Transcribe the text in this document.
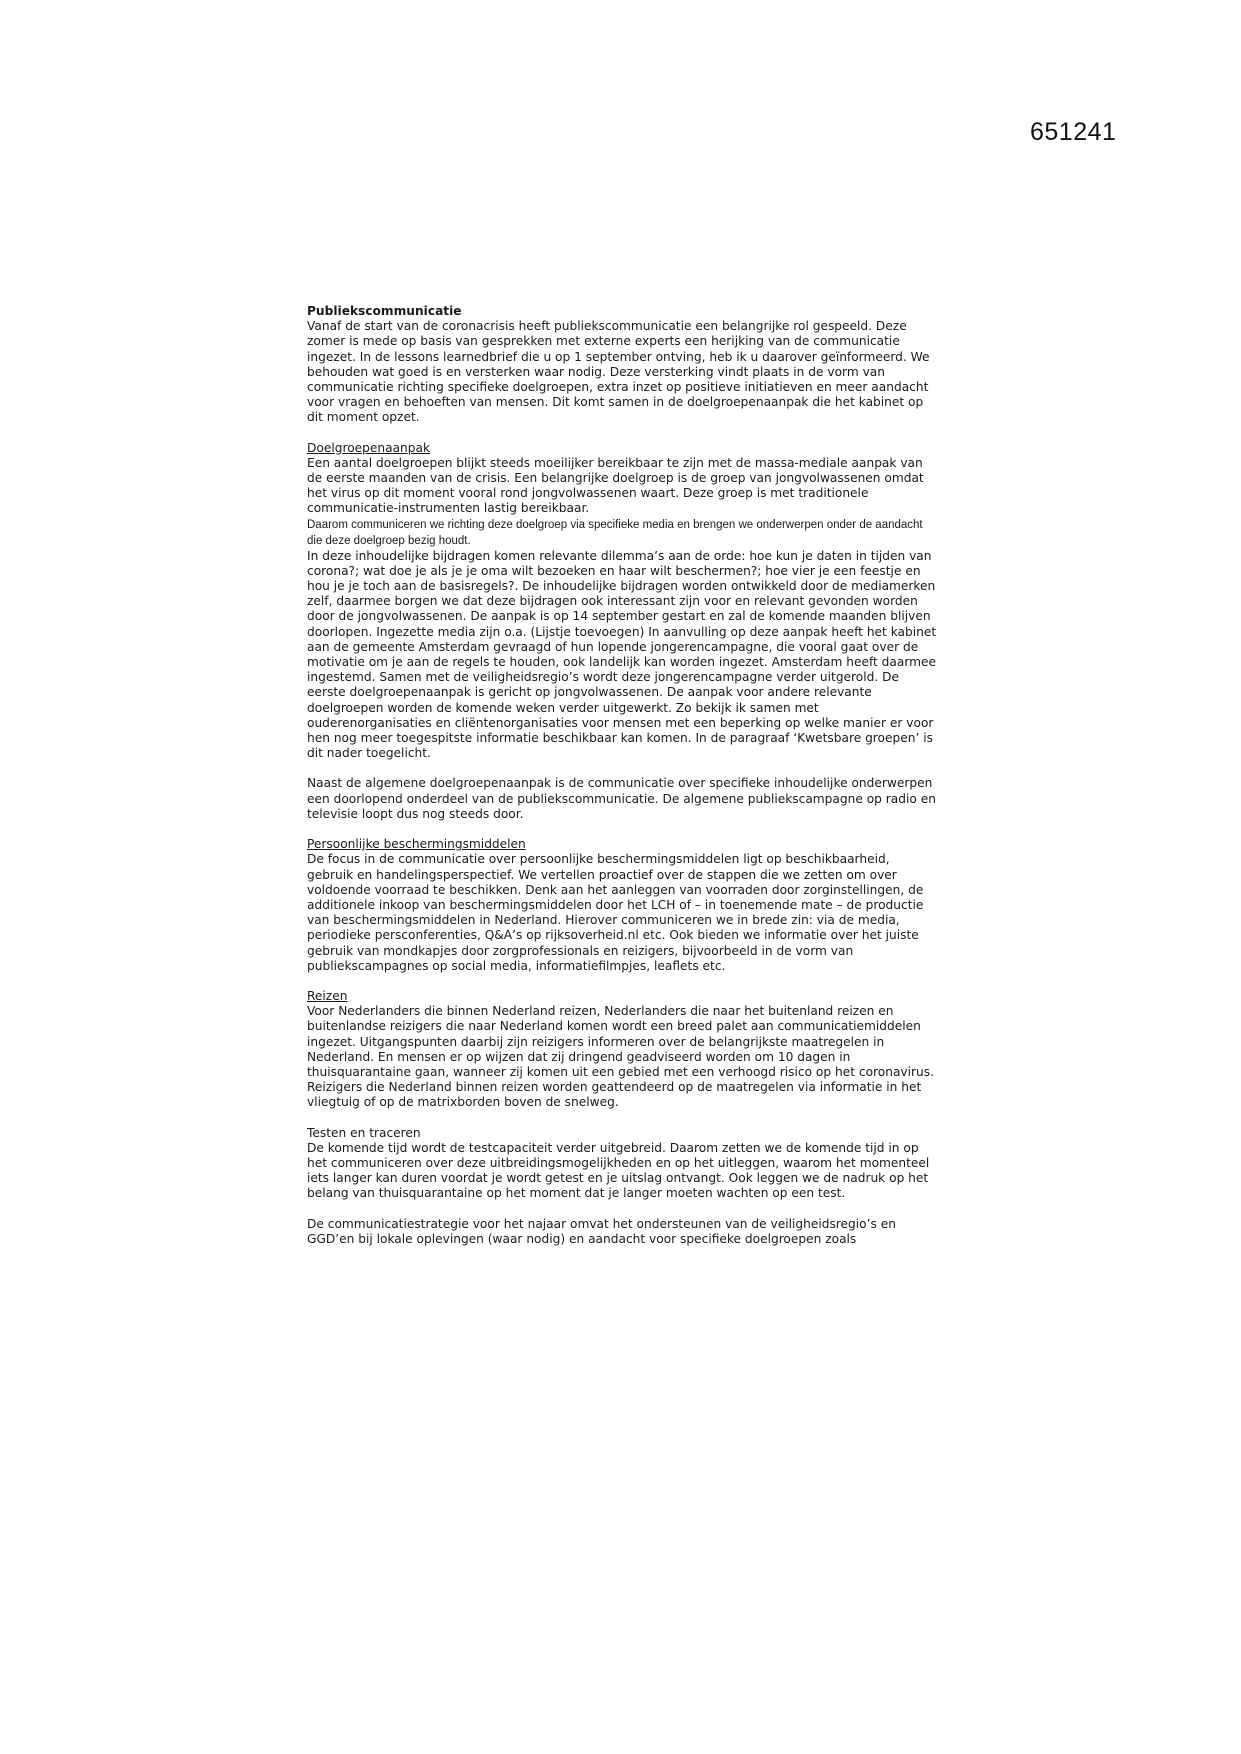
651241

Publiekscommunicatie

Vanaf de start van de coronacrisis heeft publiekscommunicatie een belangrijke rol gespeeld. Deze zomer is mede op basis van gesprekken met externe experts een herijking van de communicatie ingezet. In de lessons learnedbrief die u op 1 september ontving, heb ik u daarover geïnformeerd. We behouden wat goed is en versterken waar nodig. Deze versterking vindt plaats in de vorm van communicatie richting specifieke doelgroepen, extra inzet op positieve initiatieven en meer aandacht voor vragen en behoeften van mensen. Dit komt samen in de doelgroepenaanpak die het kabinet op dit moment opzet.

Doelgroepenaanpak

Een aantal doelgroepen blijkt steeds moeilijker bereikbaar te zijn met de massa-mediale aanpak van de eerste maanden van de crisis. Een belangrijke doelgroep is de groep van jongvolwassenen omdat het virus op dit moment vooral rond jongvolwassenen waart. Deze groep is met traditionele communicatie-instrumenten lastig bereikbaar.

Daarom communiceren we richting deze doelgroep via specifieke media en brengen we onderwerpen onder de aandacht die deze doelgroep bezig houdt.

In deze inhoudelijke bijdragen komen relevante dilemma’s aan de orde: hoe kun je daten in tijden van corona?; wat doe je als je je oma wilt bezoeken en haar wilt beschermen?; hoe vier je een feestje en hou je je toch aan de basisregels?. De inhoudelijke bijdragen worden ontwikkeld door de mediamerken zelf, daarmee borgen we dat deze bijdragen ook interessant zijn voor en relevant gevonden worden door de jongvolwassenen. De aanpak is op 14 september gestart en zal de komende maanden blijven doorlopen. Ingezette media zijn o.a. (Lijstje toevoegen) In aanvulling op deze aanpak heeft het kabinet aan de gemeente Amsterdam gevraagd of hun lopende jongerencampagne, die vooral gaat over de motivatie om je aan de regels te houden, ook landelijk kan worden ingezet. Amsterdam heeft daarmee ingestemd. Samen met de veiligheidsregio’s wordt deze jongerencampagne verder uitgerold. De eerste doelgroepenaanpak is gericht op jongvolwassenen. De aanpak voor andere relevante doelgroepen worden de komende weken verder uitgewerkt. Zo bekijk ik samen met ouderenorganisaties en cliëntenorganisaties voor mensen met een beperking op welke manier er voor hen nog meer toegespitste informatie beschikbaar kan komen. In de paragraaf ‘Kwetsbare groepen’ is dit nader toegelicht.

Naast de algemene doelgroepenaanpak is de communicatie over specifieke inhoudelijke onderwerpen een doorlopend onderdeel van de publiekscommunicatie. De algemene publiekscampagne op radio en televisie loopt dus nog steeds door.

Persoonlijke beschermingsmiddelen

De focus in de communicatie over persoonlijke beschermingsmiddelen ligt op beschikbaarheid, gebruik en handelingsperspectief. We vertellen proactief over de stappen die we zetten om over voldoende voorraad te beschikken. Denk aan het aanleggen van voorraden door zorginstellingen, de additionele inkoop van beschermingsmiddelen door het LCH of – in toenemende mate – de productie van beschermingsmiddelen in Nederland. Hierover communiceren we in brede zin: via de media, periodieke persconferenties, Q&A’s op rijksoverheid.nl etc. Ook bieden we informatie over het juiste gebruik van mondkapjes door zorgprofessionals en reizigers, bijvoorbeeld in de vorm van publiekscampagnes op social media, informatiefilmpjes, leaflets etc.

Reizen

Voor Nederlanders die binnen Nederland reizen, Nederlanders die naar het buitenland reizen en buitenlandse reizigers die naar Nederland komen wordt een breed palet aan communicatiemiddelen ingezet. Uitgangspunten daarbij zijn reizigers informeren over de belangrijkste maatregelen in Nederland. En mensen er op wijzen dat zij dringend geadviseerd worden om 10 dagen in thuisquarantaine gaan, wanneer zij komen uit een gebied met een verhoogd risico op het coronavirus. Reizigers die Nederland binnen reizen worden geattendeerd op de maatregelen via informatie in het vliegtuig of op de matrixborden boven de snelweg.

Testen en traceren

De komende tijd wordt de testcapaciteit verder uitgebreid. Daarom zetten we de komende tijd in op het communiceren over deze uitbreidingsmogelijkheden en op het uitleggen, waarom het momenteel iets langer kan duren voordat je wordt getest en je uitslag ontvangt. Ook leggen we de nadruk op het belang van thuisquarantaine op het moment dat je langer moeten wachten op een test.

De communicatiestrategie voor het najaar omvat het ondersteunen van de veiligheidsregio’s en GGD’en bij lokale oplevingen (waar nodig) en aandacht voor specifieke doelgroepen zoals
